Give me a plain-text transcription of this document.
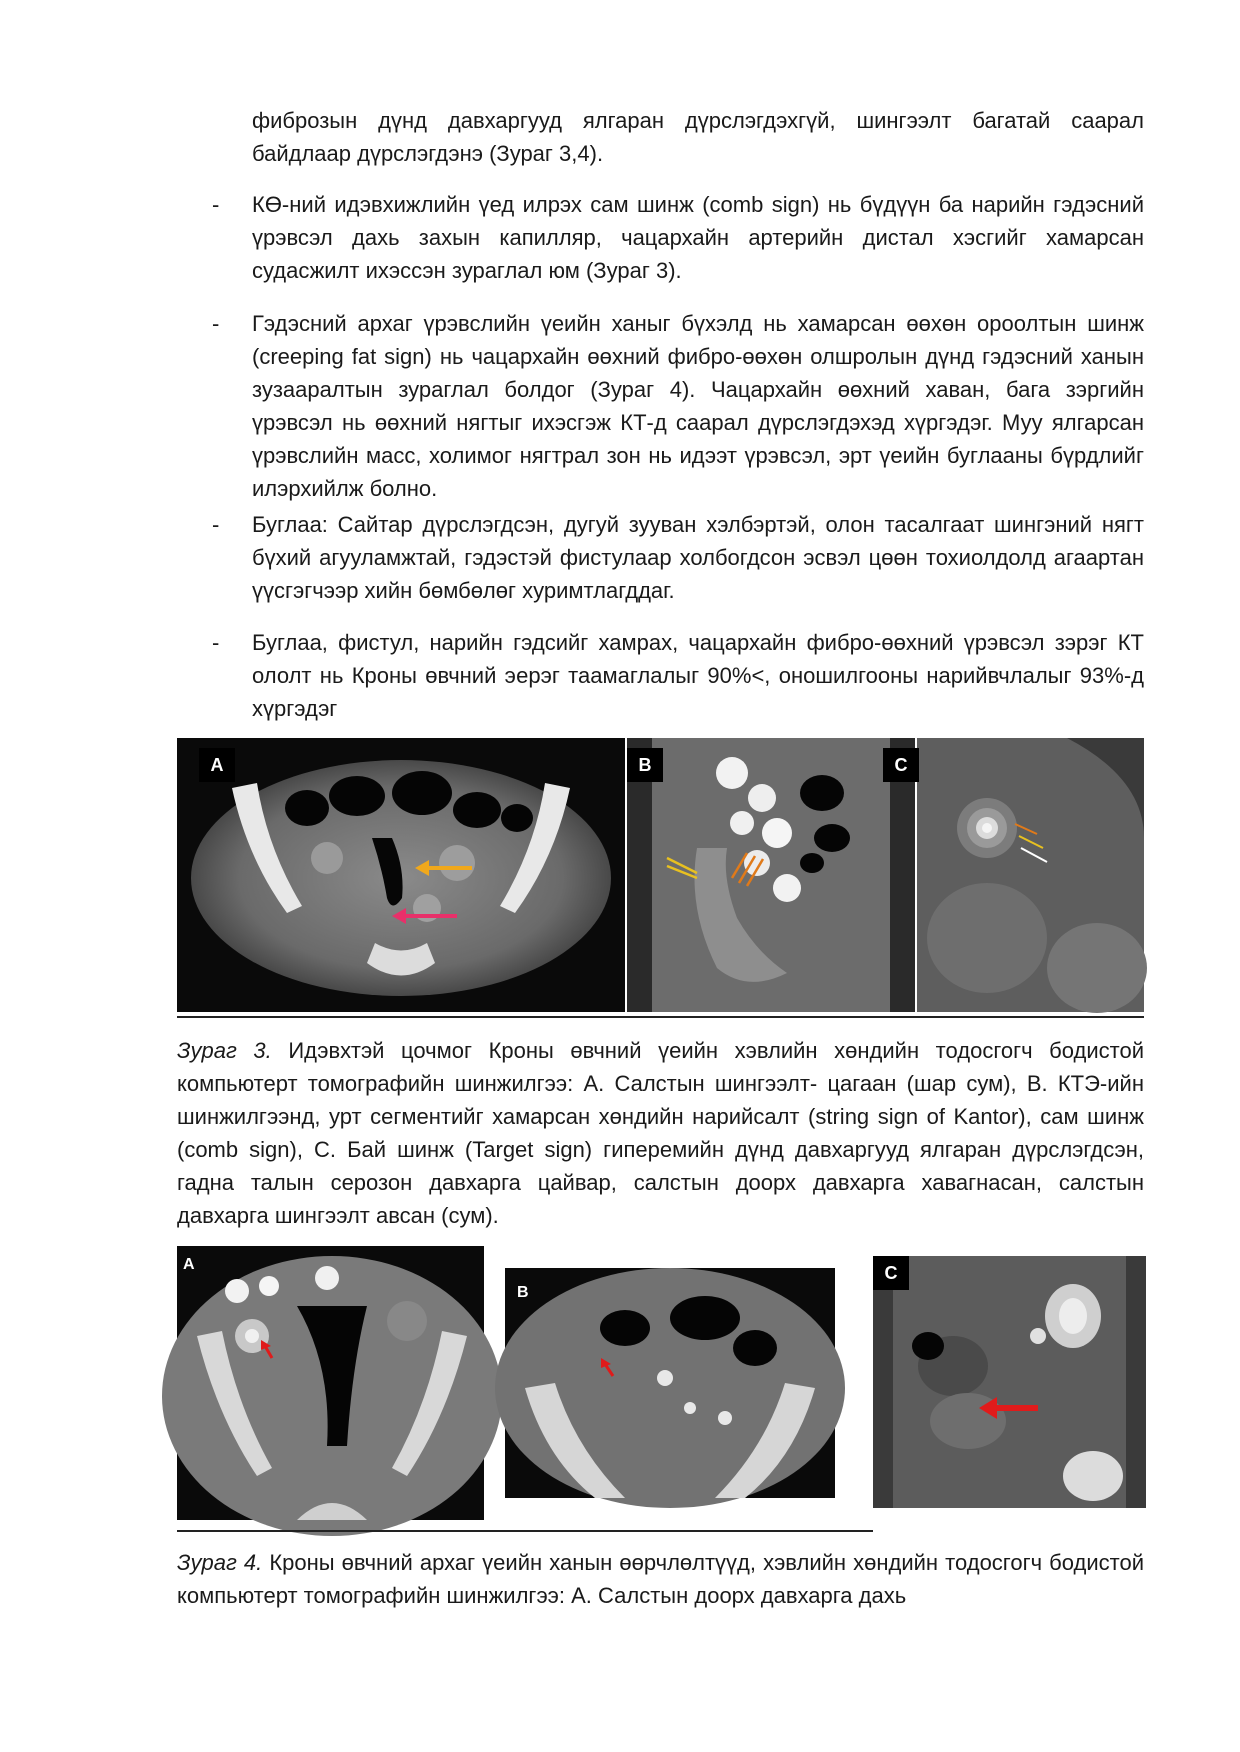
фиброзын дүнд давхаргууд ялгаран дүрслэгдэхгүй, шингээлт багатай саарал байдлаар дүрслэгдэнэ (Зураг 3,4).

- КӨ-ний идэвхижлийн үед илрэх сам шинж (comb sign) нь бүдүүн ба нарийн гэдэсний үрэвсэл дахь захын капилляр, чацархайн артерийн дистал хэсгийг хамарсан судасжилт ихэссэн зураглал юм (Зураг 3).

- Гэдэсний архаг үрэвслийн үеийн ханыг бүхэлд нь хамарсан өөхөн ороолтын шинж (creeping fat sign) нь чацархайн өөхний фибро-өөхөн олшролын дүнд гэдэсний ханын зузааралтын зураглал болдог (Зураг 4). Чацархайн өөхний хаван, бага зэргийн үрэвсэл нь өөхний нягтыг ихэсгэж КТ-д саарал дүрслэгдэхэд хүргэдэг. Муу ялгарсан үрэвслийн масс, холимог нягтрал зон нь идээт үрэвсэл, эрт үеийн буглааны бүрдлийг илэрхийлж болно.

- Буглаа: Сайтар дүрслэгдсэн, дугуй зууван хэлбэртэй, олон тасалгаат шингэний нягт бүхий агууламжтай, гэдэстэй фистулаар холбогдсон эсвэл цөөн тохиолдолд агаартан үүсгэгчээр хийн бөмбөлөг хуримтлагддаг.

- Буглаа, фистул, нарийн гэдсийг хамрах, чацархайн фибро-өөхний үрэвсэл зэрэг КТ ололт нь Кроны өвчний эерэг таамаглалыг 90%<, оношилгооны нарийвчлалыг 93%-д хүргэдэг

A	B	C

Зураг 3. Идэвхтэй цочмог Кроны өвчний үеийн хэвлийн хөндийн тодосгогч бодистой компьютерт томографийн шинжилгээ: A. Салстын шингээлт- цагаан (шар сум), B. КТЭ-ийн шинжилгээнд, урт сегментийг хамарсан хөндийн нарийсалт (string sign of Kantor), сам шинж (comb sign), C. Бай шинж (Target sign) гиперемийн дүнд давхаргууд ялгаран дүрслэгдсэн, гадна талын серозон давхарга цайвар, салстын доорх давхарга хавагнасан, салстын давхарга шингээлт авсан (сум).

A
B
C

Зураг 4. Кроны өвчний архаг үеийн ханын өөрчлөлтүүд, хэвлийн хөндийн тодосгогч бодистой компьютерт томографийн шинжилгээ: A. Салстын доорх давхарга дахь
